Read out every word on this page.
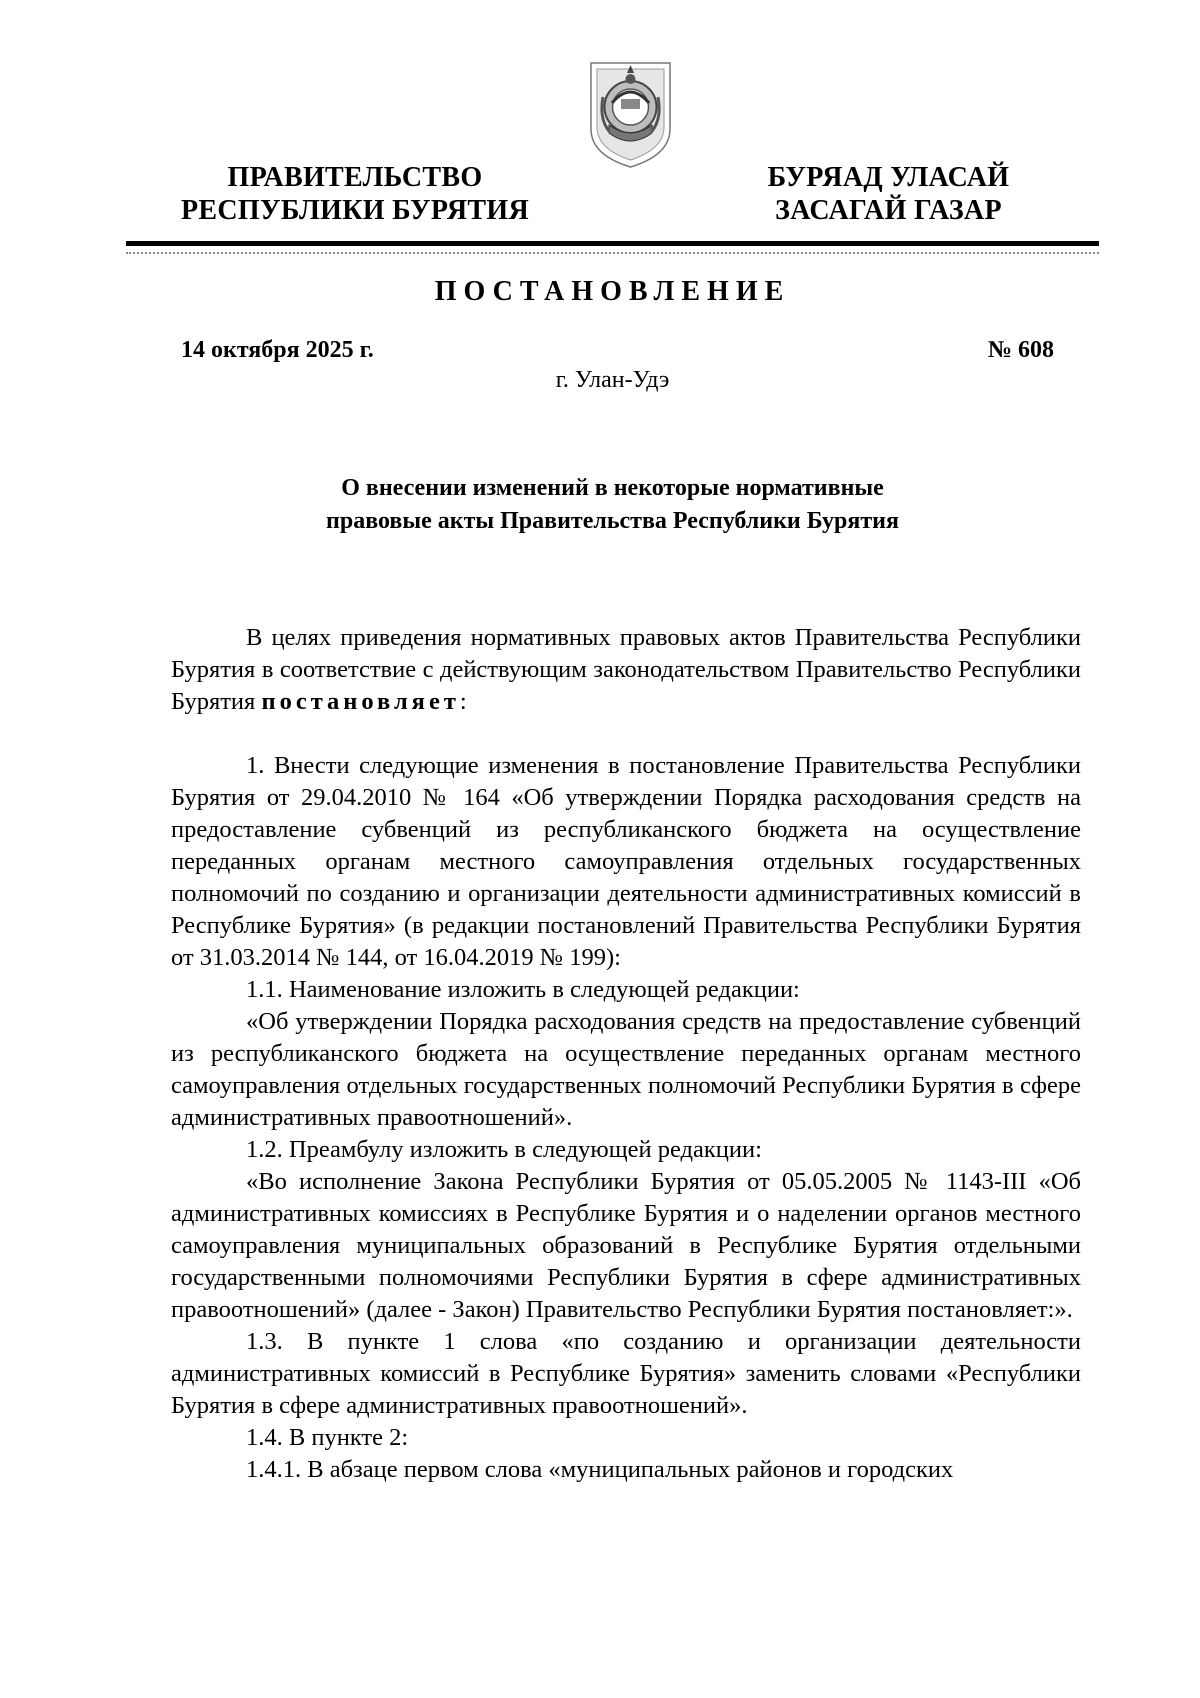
ПРАВИТЕЛЬСТВО
РЕСПУБЛИКИ БУРЯТИЯ
БУРЯАД УЛАСАЙ
ЗАСАГАЙ ГАЗАР
ПОСТАНОВЛЕНИЕ
14 октября 2025 г.	№ 608
г. Улан-Удэ
О внесении изменений в некоторые нормативные
правовые акты Правительства Республики Бурятия

В целях приведения нормативных правовых актов Правительства Республики Бурятия в соответствие с действующим законодательством Правительство Республики Бурятия постановляет:

1. Внести следующие изменения в постановление Правительства Республики Бурятия от 29.04.2010 № 164 «Об утверждении Порядка расходования средств на предоставление субвенций из республиканского бюджета на осуществление переданных органам местного самоуправления отдельных государственных полномочий по созданию и организации деятельности административных комиссий в Республике Бурятия» (в редакции постановлений Правительства Республики Бурятия от 31.03.2014 № 144, от 16.04.2019 № 199):

1.1. Наименование изложить в следующей редакции:

«Об утверждении Порядка расходования средств на предоставление субвенций из республиканского бюджета на осуществление переданных органам местного самоуправления отдельных государственных полномочий Республики Бурятия в сфере административных правоотношений».

1.2. Преамбулу изложить в следующей редакции:

«Во исполнение Закона Республики Бурятия от 05.05.2005 № 1143-III «Об административных комиссиях в Республике Бурятия и о наделении органов местного самоуправления муниципальных образований в Республике Бурятия отдельными государственными полномочиями Республики Бурятия в сфере административных правоотношений» (далее - Закон) Правительство Республики Бурятия постановляет:».

1.3. В пункте 1 слова «по созданию и организации деятельности административных комиссий в Республике Бурятия» заменить словами «Республики Бурятия в сфере административных правоотношений».

1.4. В пункте 2:

1.4.1. В абзаце первом слова «муниципальных районов и городских
